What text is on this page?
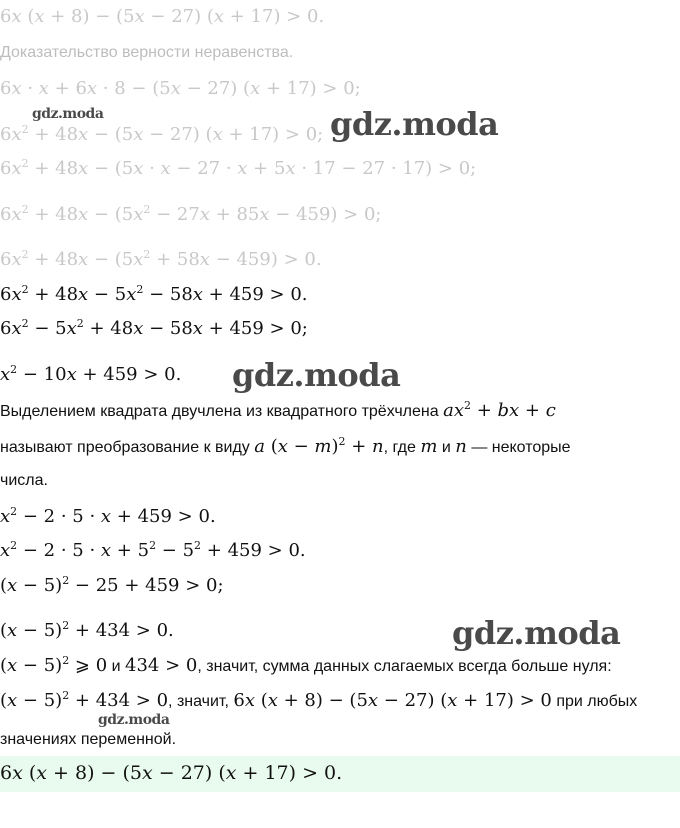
6x (x + 8) − (5x − 27) (x + 17) > 0.
Доказательство верности неравенства.
6x · x + 6x · 8 − (5x − 27) (x + 17) > 0;
$6x^2 + 48x - (5x - 27) (x + 17) > 0$;
$6x^2 + 48x - (5x \cdot x - 27 \cdot x + 5x \cdot 17 - 27 \cdot 17) > 0$;
$6x^2 + 48x - (5x^2 - 27x + 85x - 459) > 0$;
$6x^2 + 48x - (5x^2 + 58x - 459) > 0$.
$6x^2 + 48x - 5x^2 - 58x + 459 > 0$.
$6x^2 - 5x^2 + 48x - 58x + 459 > 0$;
$x^2 - 10x + 459 > 0$.
Выделением квадрата двучлена из квадратного трёхчлена $ax^2$ + bx + c
называют преобразование к виду a $(x - m)^2 + n$, где m и n — некоторые
числа.
$x^2 - 2 \cdot 5 \cdot x + 459 > 0$.
$x^2 - 2 \cdot 5 \cdot x + 5^2 - 5^2 + 459 > 0$.
$(x - 5)^2 - 25 + 459 > 0$;
$(x - 5)^2 + 434 > 0$.
$(x - 5)^2$ ⩾ 0 и 434 > 0, значит, сумма данных слагаемых всегда больше нуля:
$(x - 5)^2 + 434 > 0$, значит, 6x (x + 8) − (5x − 27) (x + 17) > 0 при любых
значениях переменной.
6x (x + 8) − (5x − 27) (x + 17) > 0.
gdz.moda	gdz.moda
gdz.moda
gdz.moda
gdz.moda
